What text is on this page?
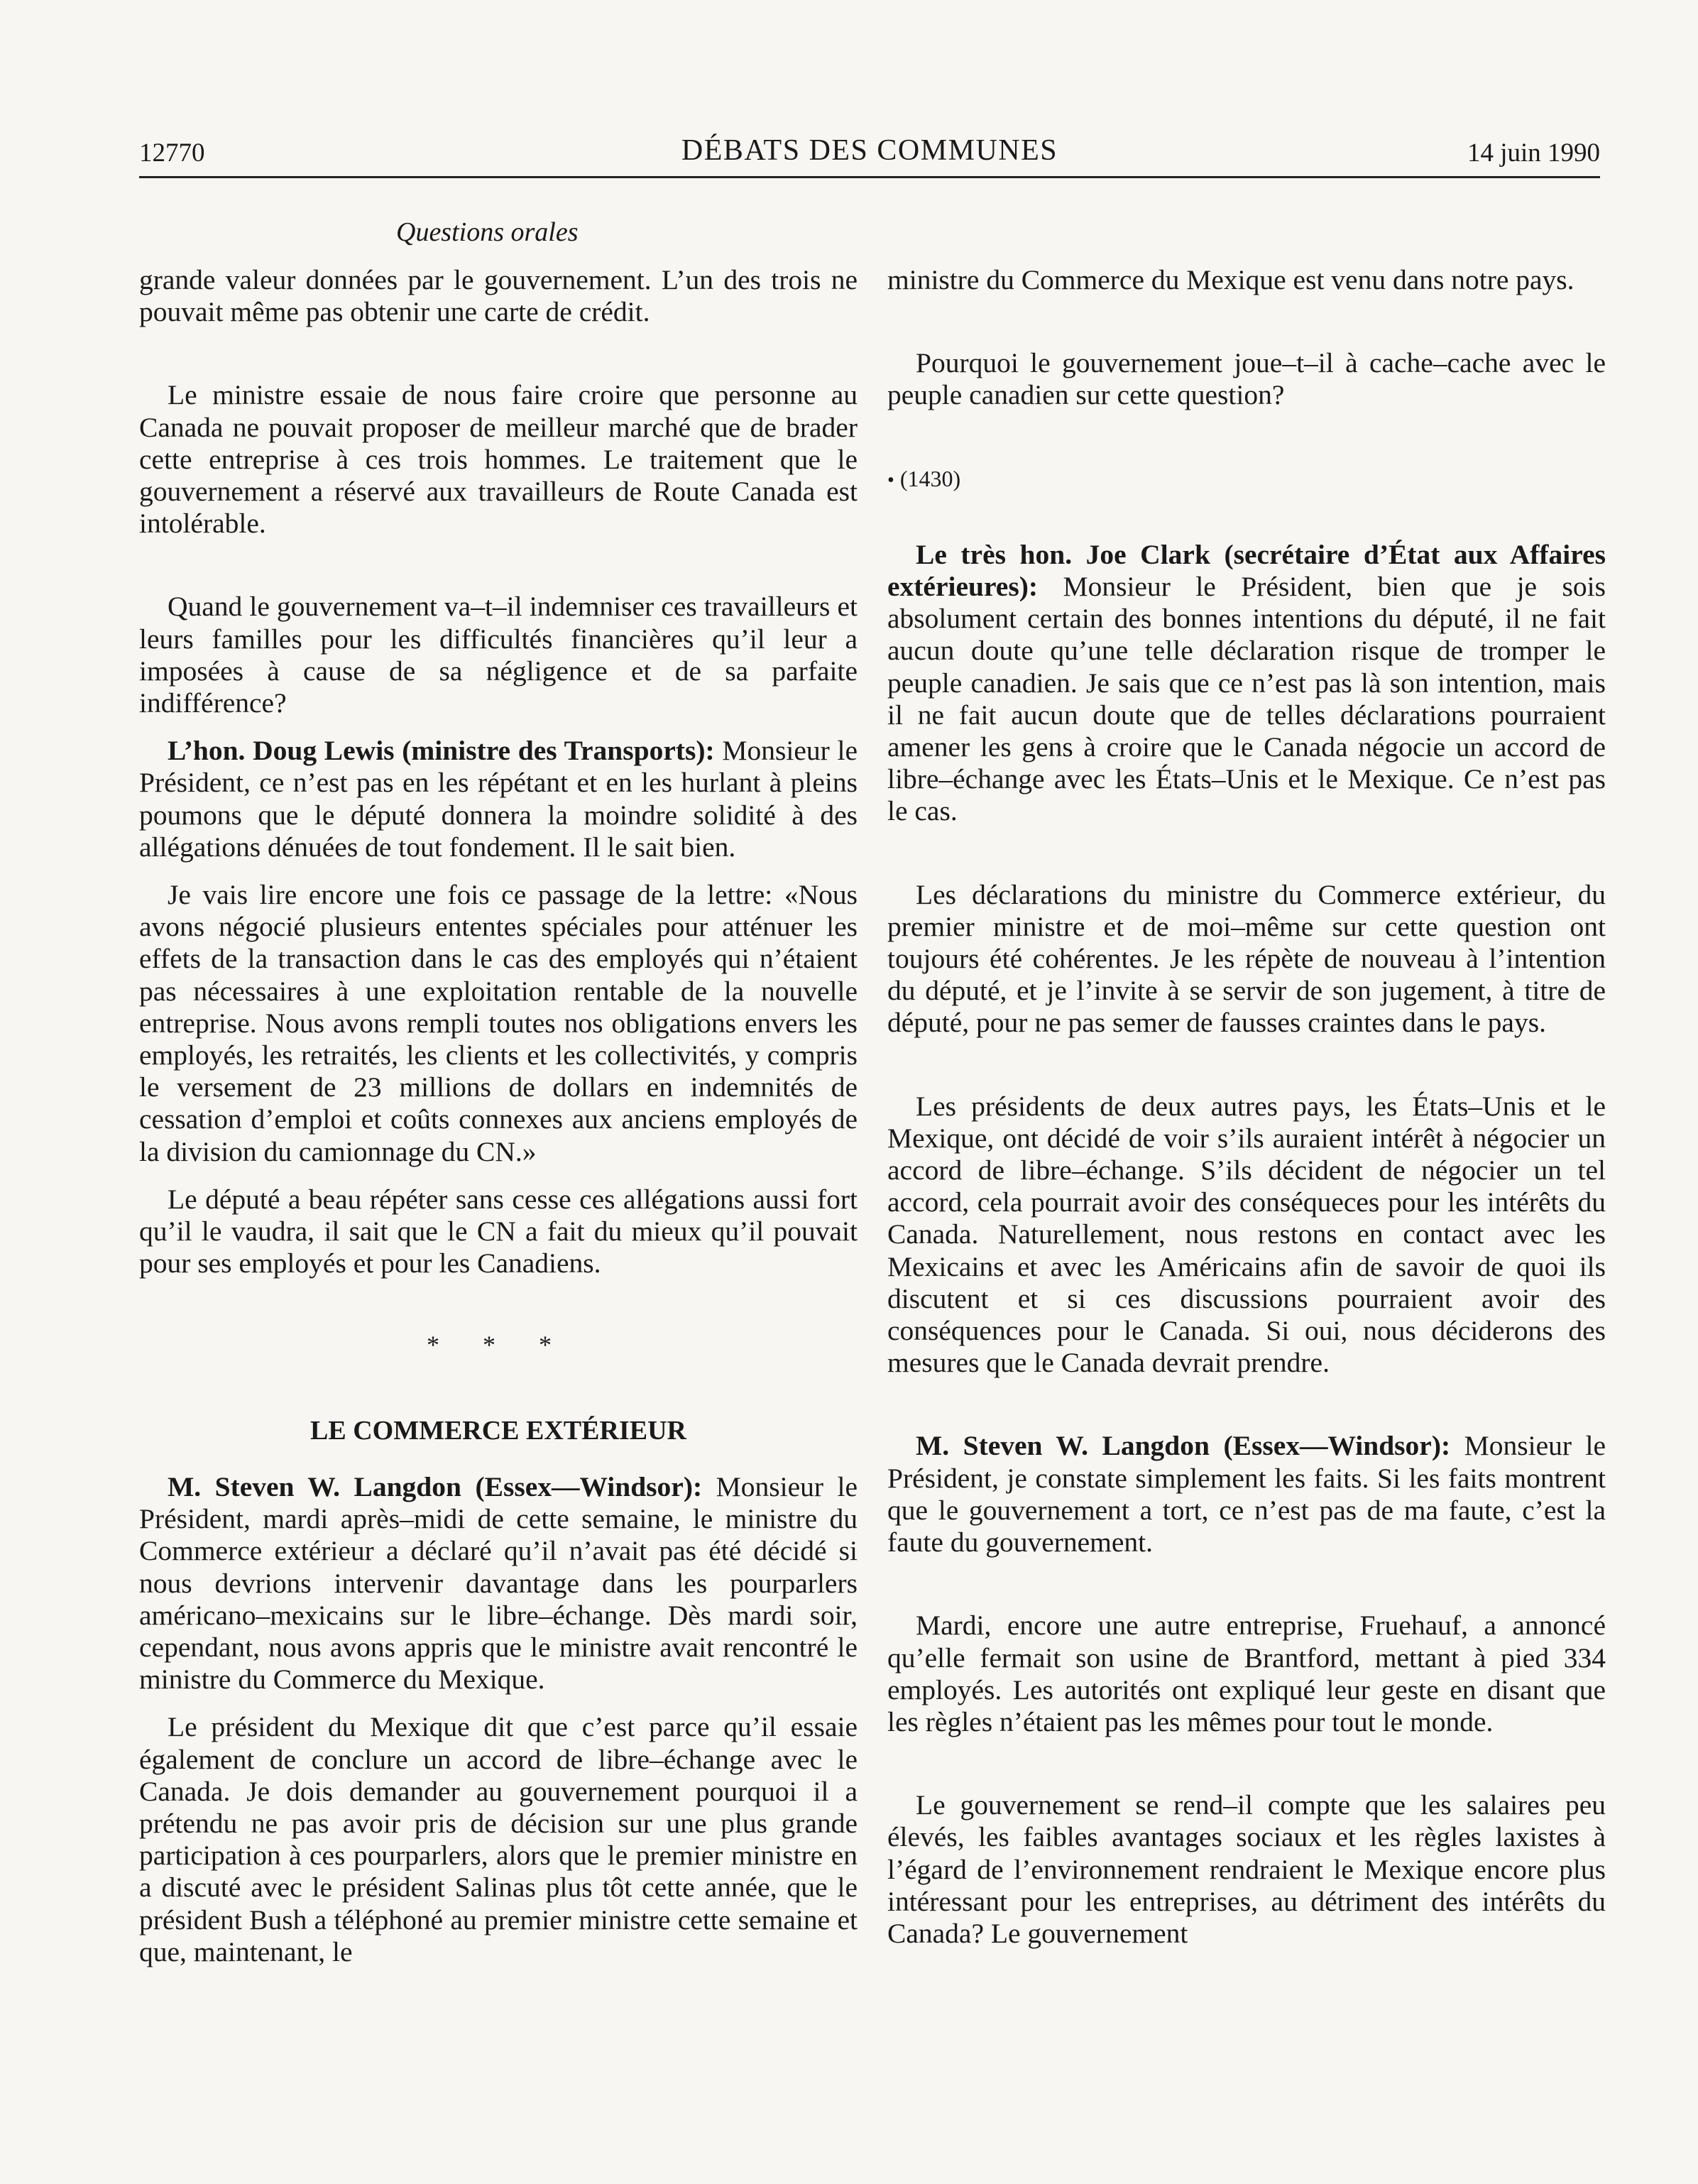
12770	DÉBATS DES COMMUNES	14 juin 1990
Questions orales

grande valeur données par le gouvernement. L’un des trois ne pouvait même pas obtenir une carte de crédit.

Le ministre essaie de nous faire croire que personne au Canada ne pouvait proposer de meilleur marché que de brader cette entreprise à ces trois hommes. Le traitement que le gouvernement a réservé aux travailleurs de Route Canada est intolérable.

Quand le gouvernement va–t–il indemniser ces travailleurs et leurs familles pour les difficultés financières qu’il leur a imposées à cause de sa négligence et de sa parfaite indifférence?

L’hon. Doug Lewis (ministre des Transports): Monsieur le Président, ce n’est pas en les répétant et en les hurlant à pleins poumons que le député donnera la moindre solidité à des allégations dénuées de tout fondement. Il le sait bien.

Je vais lire encore une fois ce passage de la lettre: «Nous avons négocié plusieurs ententes spéciales pour atténuer les effets de la transaction dans le cas des employés qui n’étaient pas nécessaires à une exploitation rentable de la nouvelle entreprise. Nous avons rempli toutes nos obligations envers les employés, les retraités, les clients et les collectivités, y compris le versement de 23 millions de dollars en indemnités de cessation d’emploi et coûts connexes aux anciens employés de la division du camionnage du CN.»

Le député a beau répéter sans cesse ces allégations aussi fort qu’il le vaudra, il sait que le CN a fait du mieux qu’il pouvait pour ses employés et pour les Canadiens.

* * *

LE COMMERCE EXTÉRIEUR

M. Steven W. Langdon (Essex—Windsor): Monsieur le Président, mardi après–midi de cette semaine, le ministre du Commerce extérieur a déclaré qu’il n’avait pas été décidé si nous devrions intervenir davantage dans les pourparlers américano–mexicains sur le libre–échange. Dès mardi soir, cependant, nous avons appris que le ministre avait rencontré le ministre du Commerce du Mexique.

Le président du Mexique dit que c’est parce qu’il essaie également de conclure un accord de libre–échange avec le Canada. Je dois demander au gouvernement pourquoi il a prétendu ne pas avoir pris de décision sur une plus grande participation à ces pourparlers, alors que le premier ministre en a discuté avec le président Salinas plus tôt cette année, que le président Bush a téléphoné au premier ministre cette semaine et que, maintenant, le

ministre du Commerce du Mexique est venu dans notre pays.

Pourquoi le gouvernement joue–t–il à cache–cache avec le peuple canadien sur cette question?

• (1430)

Le très hon. Joe Clark (secrétaire d’État aux Affaires extérieures): Monsieur le Président, bien que je sois absolument certain des bonnes intentions du député, il ne fait aucun doute qu’une telle déclaration risque de tromper le peuple canadien. Je sais que ce n’est pas là son intention, mais il ne fait aucun doute que de telles déclarations pourraient amener les gens à croire que le Canada négocie un accord de libre–échange avec les États–Unis et le Mexique. Ce n’est pas le cas.

Les déclarations du ministre du Commerce extérieur, du premier ministre et de moi–même sur cette question ont toujours été cohérentes. Je les répète de nouveau à l’intention du député, et je l’invite à se servir de son jugement, à titre de député, pour ne pas semer de fausses craintes dans le pays.

Les présidents de deux autres pays, les États–Unis et le Mexique, ont décidé de voir s’ils auraient intérêt à négocier un accord de libre–échange. S’ils décident de négocier un tel accord, cela pourrait avoir des conséqueces pour les intérêts du Canada. Naturellement, nous restons en contact avec les Mexicains et avec les Américains afin de savoir de quoi ils discutent et si ces discussions pourraient avoir des conséquences pour le Canada. Si oui, nous déciderons des mesures que le Canada devrait prendre.

M. Steven W. Langdon (Essex—Windsor): Monsieur le Président, je constate simplement les faits. Si les faits montrent que le gouvernement a tort, ce n’est pas de ma faute, c’est la faute du gouvernement.

Mardi, encore une autre entreprise, Fruehauf, a annoncé qu’elle fermait son usine de Brantford, mettant à pied 334 employés. Les autorités ont expliqué leur geste en disant que les règles n’étaient pas les mêmes pour tout le monde.

Le gouvernement se rend–il compte que les salaires peu élevés, les faibles avantages sociaux et les règles laxistes à l’égard de l’environnement rendraient le Mexique encore plus intéressant pour les entreprises, au détriment des intérêts du Canada? Le gouvernement
